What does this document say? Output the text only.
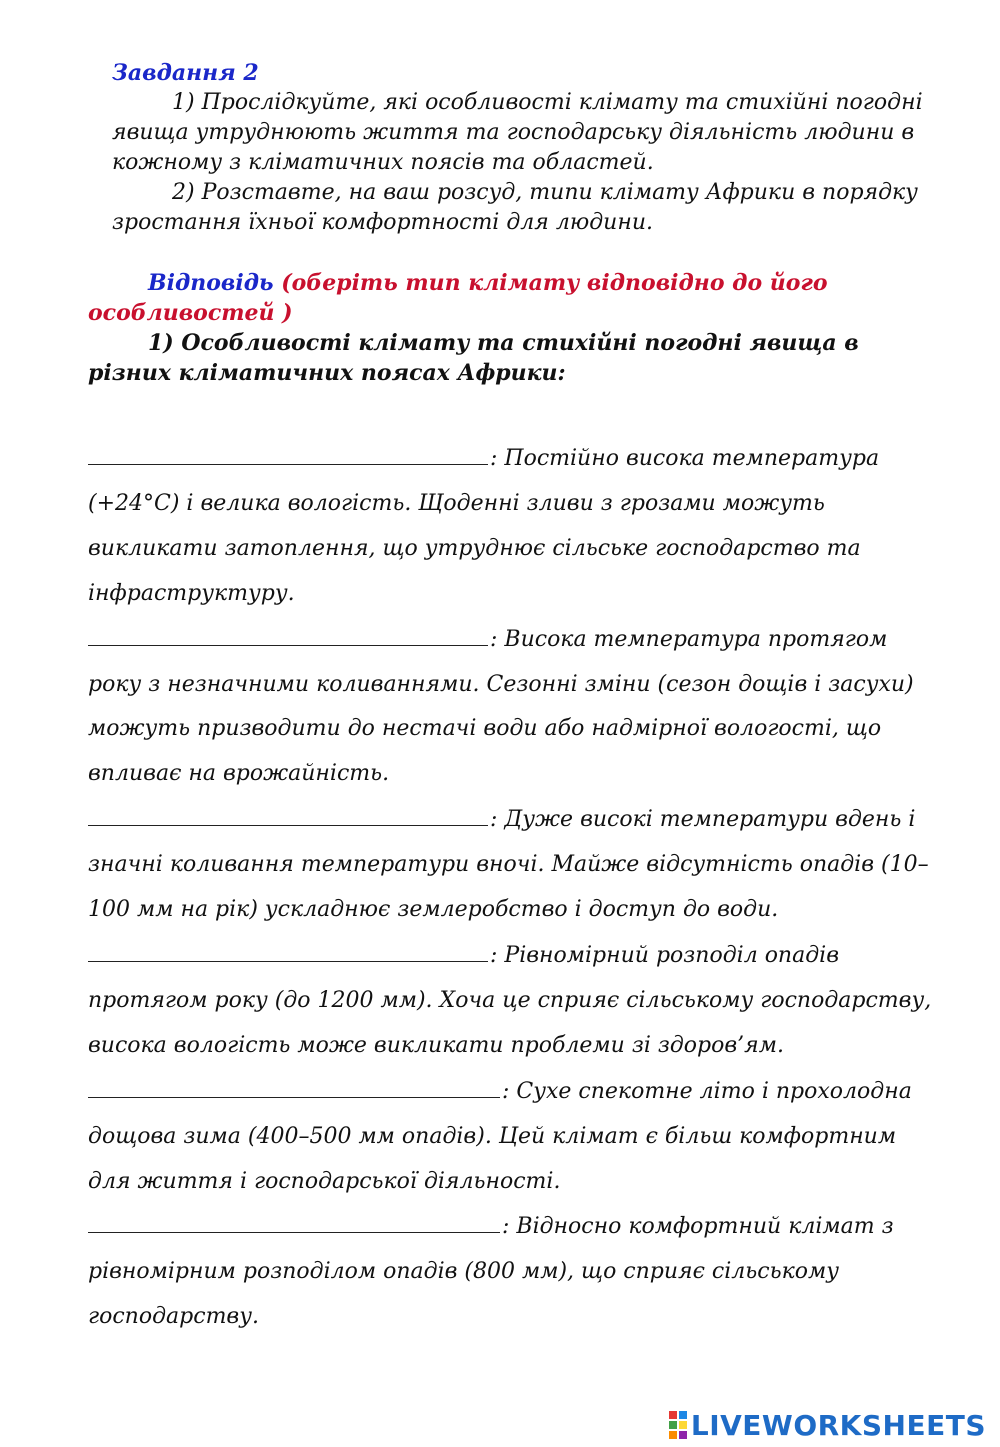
Завдання 2
1) Прослідкуйте, які особливості клімату та стихійні погодні явища утруднюють життя та господарську діяльність людини в кожному з кліматичних поясів та областей.
2) Розставте, на ваш розсуд, типи клімату Африки в порядку зростання їхньої комфортності для людини.
Відповідь (оберіть тип клімату відповідно до його особливостей )
1) Особливості клімату та стихійні погодні явища в різних кліматичних поясах Африки:

: Постійно висока температура (+24°C) і велика вологість. Щоденні зливи з грозами можуть викликати затоплення, що утруднює сільське господарство та інфраструктуру.

: Висока температура протягом року з незначними коливаннями. Сезонні зміни (сезон дощів і засухи) можуть призводити до нестачі води або надмірної вологості, що впливає на врожайність.

: Дуже високі температури вдень і значні коливання температури вночі. Майже відсутність опадів (10–100 мм на рік) ускладнює землеробство і доступ до води.

: Рівномірний розподіл опадів протягом року (до 1200 мм). Хоча це сприяє сільському господарству, висока вологість може викликати проблеми зі здоров’ям.

: Сухе спекотне літо і прохолодна дощова зима (400–500 мм опадів). Цей клімат є більш комфортним для життя і господарської діяльності.

: Відносно комфортний клімат з рівномірним розподілом опадів (800 мм), що сприяє сільському господарству.

LIVEWORKSHEETS
